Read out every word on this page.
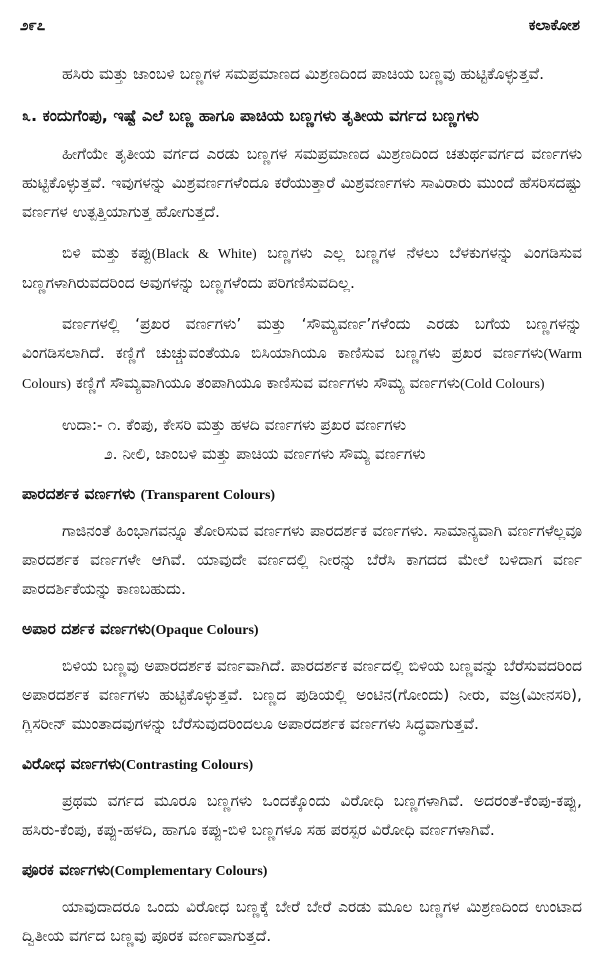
೨೯೭	ಕಲಾಕೋಶ

ಹಸಿರು ಮತ್ತು ಜಾಂಬಳಿ ಬಣ್ಣಗಳ ಸಮಪ್ರಮಾಣದ ಮಿಶ್ರಣದಿಂದ ಪಾಚಿಯ ಬಣ್ಣವು ಹುಟ್ಟಿಕೊಳ್ಳುತ್ತವೆ.

೩. ಕಂದುಗೆಂಪು, ಇಷ್ಟೆ ಎಲೆ ಬಣ್ಣ ಹಾಗೂ ಪಾಚಿಯ ಬಣ್ಣಗಳು ತೃತೀಯ ವರ್ಗದ ಬಣ್ಣಗಳು

ಹೀಗೆಯೇ ತೃತೀಯ ವರ್ಗದ ಎರಡು ಬಣ್ಣಗಳ ಸಮಪ್ರಮಾಣದ ಮಿಶ್ರಣದಿಂದ ಚತುರ್ಥವರ್ಗದ ವರ್ಣಗಳು ಹುಟ್ಟಿಕೊಳ್ಳುತ್ತವೆ. ಇವುಗಳನ್ನು ಮಿಶ್ರವರ್ಣಗಳೆಂದೂ ಕರೆಯುತ್ತಾರೆ ಮಿಶ್ರವರ್ಣಗಳು ಸಾವಿರಾರು ಮುಂದೆ ಹೆಸರಿಸದಷ್ಟು ವರ್ಣಗಳ ಉತ್ಪತ್ತಿಯಾಗುತ್ತ ಹೋಗುತ್ತದೆ.

ಬಿಳಿ ಮತ್ತು ಕಪ್ಪು(Black & White) ಬಣ್ಣಗಳು ಎಲ್ಲ ಬಣ್ಣಗಳ ನೆಳಲು ಬೆಳಕುಗಳನ್ನು ವಿಂಗಡಿಸುವ ಬಣ್ಣಗಳಾಗಿರುವದರಿಂದ ಅವುಗಳನ್ನು ಬಣ್ಣಗಳೆಂದು ಪರಿಗಣಿಸುವದಿಲ್ಲ.

ವರ್ಣಗಳಲ್ಲಿ ‘ಪ್ರಖರ ವರ್ಣಗಳು’ ಮತ್ತು ‘ಸೌಮ್ಯವರ್ಣ’ಗಳೆಂದು ಎರಡು ಬಗೆಯ ಬಣ್ಣಗಳನ್ನು ವಿಂಗಡಿಸಲಾಗಿದೆ. ಕಣ್ಣಿಗೆ ಚುಚ್ಚುವಂತೆಯೂ ಬಿಸಿಯಾಗಿಯೂ ಕಾಣಿಸುವ ಬಣ್ಣಗಳು ಪ್ರಖರ ವರ್ಣಗಳು(Warm Colours) ಕಣ್ಣಿಗೆ ಸೌಮ್ಯವಾಗಿಯೂ ತಂಪಾಗಿಯೂ ಕಾಣಿಸುವ ವರ್ಣಗಳು ಸೌಮ್ಯ ವರ್ಣಗಳು(Cold Colours)

ಉದಾ:- ೧. ಕೆಂಪು, ಕೇಸರಿ ಮತ್ತು ಹಳದಿ ವರ್ಣಗಳು ಪ್ರಖರ ವರ್ಣಗಳು
೨. ನೀಲಿ, ಜಾಂಬಳಿ ಮತ್ತು ಪಾಚಿಯ ವರ್ಣಗಳು ಸೌಮ್ಯ ವರ್ಣಗಳು
ಪಾರದರ್ಶಕ ವರ್ಣಗಳು (Transparent Colours)

ಗಾಜಿನಂತೆ ಹಿಂಭಾಗವನ್ನೂ ತೋರಿಸುವ ವರ್ಣಗಳು ಪಾರದರ್ಶಕ ವರ್ಣಗಳು. ಸಾಮಾನ್ಯವಾಗಿ ವರ್ಣಗಳೆಲ್ಲವೂ ಪಾರದರ್ಶಕ ವರ್ಣಗಳೇ ಆಗಿವೆ. ಯಾವುದೇ ವರ್ಣದಲ್ಲಿ ನೀರನ್ನು ಬೆರೆಸಿ ಕಾಗದದ ಮೇಲೆ ಬಳಿದಾಗ ವರ್ಣ ಪಾರದರ್ಶಿಕೆಯನ್ನು ಕಾಣಬಹುದು.

ಅಪಾರ ದರ್ಶಕ ವರ್ಣಗಳು(Opaque Colours)

ಬಿಳಿಯ ಬಣ್ಣವು ಅಪಾರದರ್ಶಕ ವರ್ಣವಾಗಿದೆ. ಪಾರದರ್ಶಕ ವರ್ಣದಲ್ಲಿ ಬಿಳಿಯ ಬಣ್ಣವನ್ನು ಬೆರೆಸುವದರಿಂದ ಅಪಾರದರ್ಶಕ ವರ್ಣಗಳು ಹುಟ್ಟಿಕೊಳ್ಳುತ್ತವೆ. ಬಣ್ಣದ ಪುಡಿಯಲ್ಲಿ ಅಂಟಿನ(ಗೋಂದು) ನೀರು, ವಜ್ರ(ಮೀನಸರಿ), ಗ್ಲಿಸರೀನ್ ಮುಂತಾದವುಗಳನ್ನು ಬೆರೆಸುವುದರಿಂದಲೂ ಅಪಾರದರ್ಶಕ ವರ್ಣಗಳು ಸಿದ್ಧವಾಗುತ್ತವೆ.

ವಿರೋಧ ವರ್ಣಗಳು(Contrasting Colours)

ಪ್ರಥಮ ವರ್ಗದ ಮೂರೂ ಬಣ್ಣಗಳು ಒಂದಕ್ಕೊಂದು ವಿರೋಧಿ ಬಣ್ಣಗಳಾಗಿವೆ. ಅದರಂತೆ-ಕೆಂಪು-ಕಪ್ಪು, ಹಸಿರು-ಕೆಂಪು, ಕಪ್ಪು-ಹಳದಿ, ಹಾಗೂ ಕಪ್ಪು-ಬಿಳಿ ಬಣ್ಣಗಳೂ ಸಹ ಪರಸ್ಪರ ವಿರೋಧಿ ವರ್ಣಗಳಾಗಿವೆ.

ಪೂರಕ ವರ್ಣಗಳು(Complementary Colours)

ಯಾವುದಾದರೂ ಒಂದು ವಿರೋಧ ಬಣ್ಣಕ್ಕೆ ಬೇರೆ ಬೇರೆ ಎರಡು ಮೂಲ ಬಣ್ಣಗಳ ಮಿಶ್ರಣದಿಂದ ಉಂಟಾದ ದ್ವಿತೀಯ ವರ್ಗದ ಬಣ್ಣವು ಪೂರಕ ವರ್ಣವಾಗುತ್ತದೆ.
